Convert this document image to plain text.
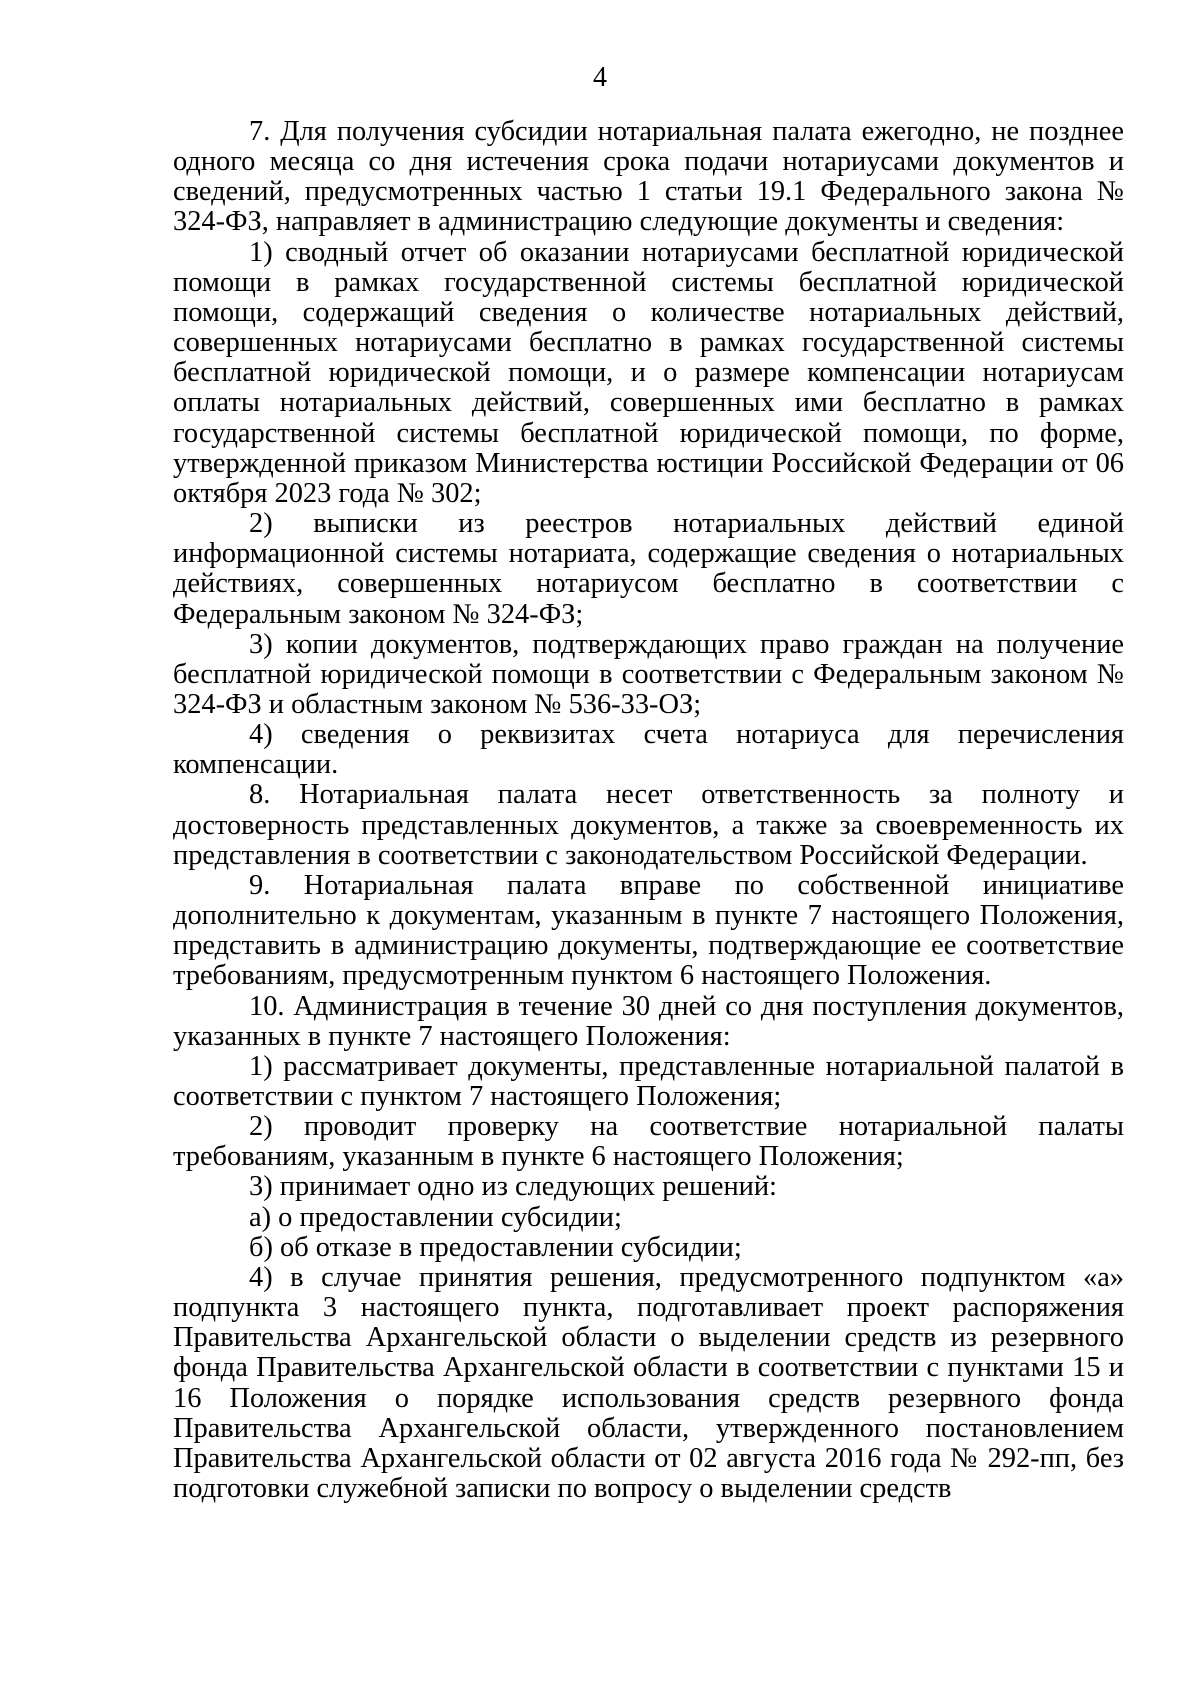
4

7. Для получения субсидии нотариальная палата ежегодно, не позднее одного месяца со дня истечения срока подачи нотариусами документов и сведений, предусмотренных частью 1 статьи 19.1 Федерального закона № 324-ФЗ, направляет в администрацию следующие документы и сведения:

1) сводный отчет об оказании нотариусами бесплатной юридической помощи в рамках государственной системы бесплатной юридической помощи, содержащий сведения о количестве нотариальных действий, совершенных нотариусами бесплатно в рамках государственной системы бесплатной юридической помощи, и о размере компенсации нотариусам оплаты нотариальных действий, совершенных ими бесплатно в рамках государственной системы бесплатной юридической помощи, по форме, утвержденной приказом Министерства юстиции Российской Федерации от 06 октября 2023 года № 302;

2) выписки из реестров нотариальных действий единой информационной системы нотариата, содержащие сведения о нотариальных действиях, совершенных нотариусом бесплатно в соответствии с Федеральным законом № 324-ФЗ;

3) копии документов, подтверждающих право граждан на получение бесплатной юридической помощи в соответствии с Федеральным законом № 324-ФЗ и областным законом № 536-33-ОЗ;

4) сведения о реквизитах счета нотариуса для перечисления компенсации.

8. Нотариальная палата несет ответственность за полноту и достоверность представленных документов, а также за своевременность их представления в соответствии с законодательством Российской Федерации.

9. Нотариальная палата вправе по собственной инициативе дополнительно к документам, указанным в пункте 7 настоящего Положения, представить в администрацию документы, подтверждающие ее соответствие требованиям, предусмотренным пунктом 6 настоящего Положения.

10. Администрация в течение 30 дней со дня поступления документов, указанных в пункте 7 настоящего Положения:

1) рассматривает документы, представленные нотариальной палатой в соответствии с пунктом 7 настоящего Положения;

2) проводит проверку на соответствие нотариальной палаты требованиям, указанным в пункте 6 настоящего Положения;

3) принимает одно из следующих решений:

а) о предоставлении субсидии;

б) об отказе в предоставлении субсидии;

4) в случае принятия решения, предусмотренного подпунктом «а» подпункта 3 настоящего пункта, подготавливает проект распоряжения Правительства Архангельской области о выделении средств из резервного фонда Правительства Архангельской области в соответствии с пунктами 15 и 16 Положения о порядке использования средств резервного фонда Правительства Архангельской области, утвержденного постановлением Правительства Архангельской области от 02 августа 2016 года № 292-пп, без подготовки служебной записки по вопросу о выделении средств
